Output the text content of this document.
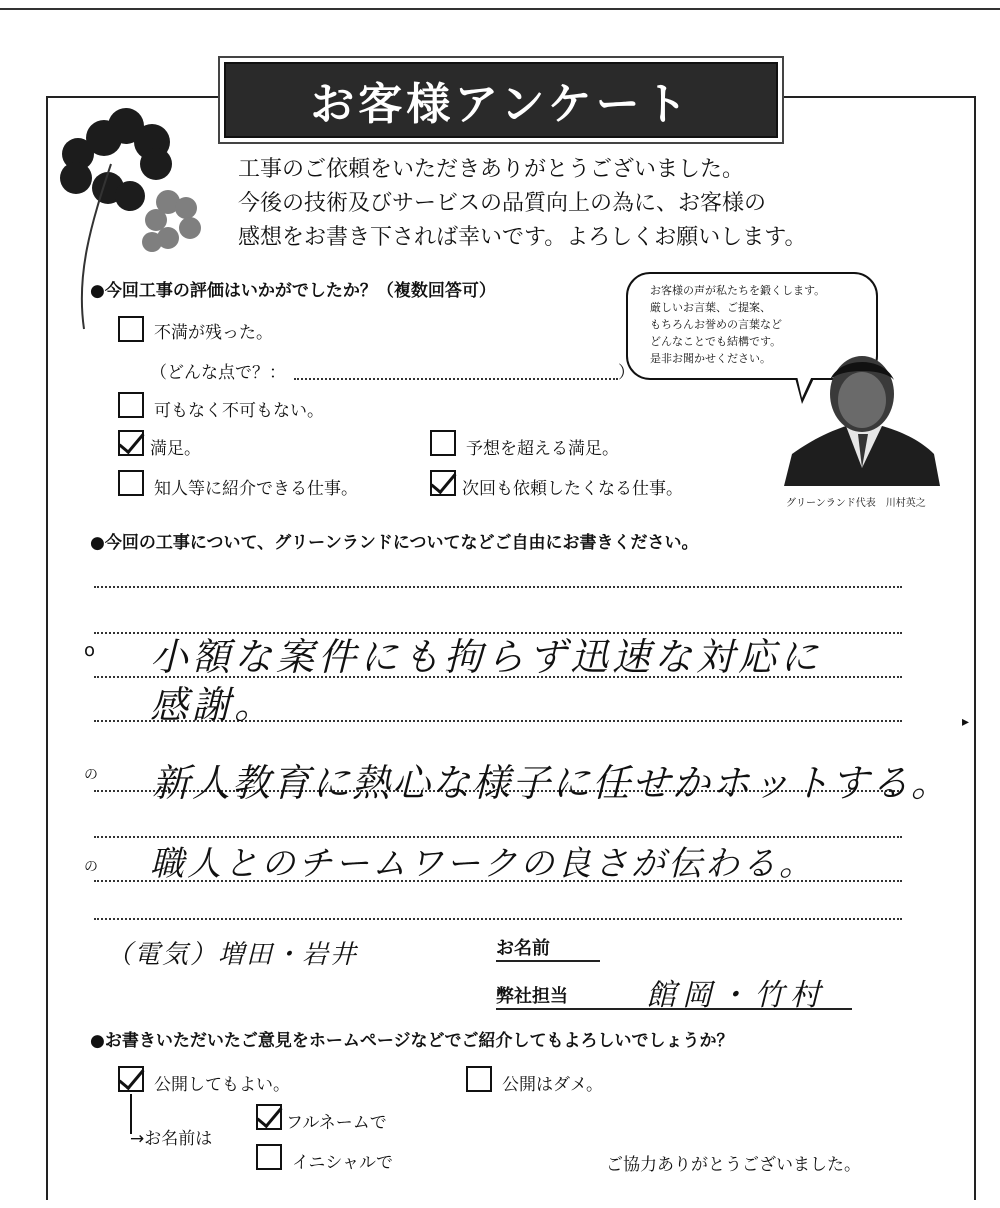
お客様アンケート
工事のご依頼をいただきありがとうございました。
今後の技術及びサービスの品質向上の為に、お客様の
感想をお書き下されば幸いです。よろしくお願いします。
お客様の声が私たちを鍛くします。
厳しいお言葉、ご提案、
もちろんお誉めの言葉など
どんなことでも結構です。
是非お聞かせください。
グリーンランド代表　川村英之
●今回工事の評価はいかがでしたか？（複数回答可）
不満が残った。
（どんな点で？：	）
可もなく不可もない。
満足。	予想を超える満足。
知人等に紹介できる仕事。	次回も依頼したくなる仕事。
●今回の工事について、グリーンランドについてなどご自由にお書きください。
o 小額な案件にも拘らず迅速な対応に
感謝。
の 新人教育に熱心な様子に任せかホットする。
の 職人とのチームワークの良さが伝わる。
（電気）増田・岩井	お名前
弊社担当	館岡・竹村
●お書きいただいたご意見をホームページなどでご紹介してもよろしいでしょうか？
公開してもよい。	公開はダメ。
→お名前は
フルネームで
イニシャルで	ご協力ありがとうございました。
▸
